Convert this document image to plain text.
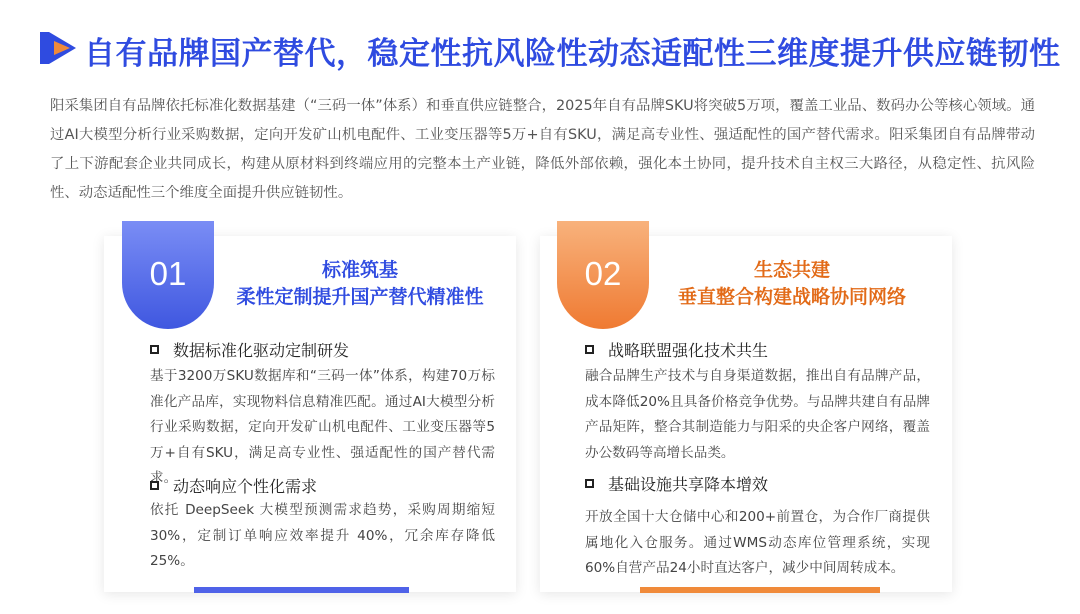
自有品牌国产替代，稳定性抗风险性动态适配性三维度提升供应链韧性
阳采集团自有品牌依托标准化数据基建（“三码一体”体系）和垂直供应链整合，2025年自有品牌SKU将突破5万项，覆盖工业品、数码办公等核心领域。通过AI大模型分析行业采购数据，定向开发矿山机电配件、工业变压器等5万+自有SKU，满足高专业性、强适配性的国产替代需求。阳采集团自有品牌带动了上下游配套企业共同成长，构建从原材料到终端应用的完整本土产业链，降低外部依赖，强化本土协同，提升技术自主权三大路径，从稳定性、抗风险性、动态适配性三个维度全面提升供应链韧性。
01	标准筑基
柔性定制提升国产替代精准性
数据标准化驱动定制研发
基于3200万SKU数据库和“三码一体”体系，构建70万标准化产品库，实现物料信息精准匹配。通过AI大模型分析行业采购数据，定向开发矿山机电配件、工业变压器等5万+自有SKU，满足高专业性、强适配性的国产替代需求。
动态响应个性化需求
依托 DeepSeek 大模型预测需求趋势，采购周期缩短30%，定制订单响应效率提升 40%，冗余库存降低25%。
02	生态共建
垂直整合构建战略协同网络
战略联盟强化技术共生
融合品牌生产技术与自身渠道数据，推出自有品牌产品，成本降低20%且具备价格竞争优势。与品牌共建自有品牌产品矩阵，整合其制造能力与阳采的央企客户网络，覆盖办公数码等高增长品类。
基础设施共享降本增效
开放全国十大仓储中心和200+前置仓，为合作厂商提供属地化入仓服务。通过WMS动态库位管理系统，实现60%自营产品24小时直达客户，减少中间周转成本。
